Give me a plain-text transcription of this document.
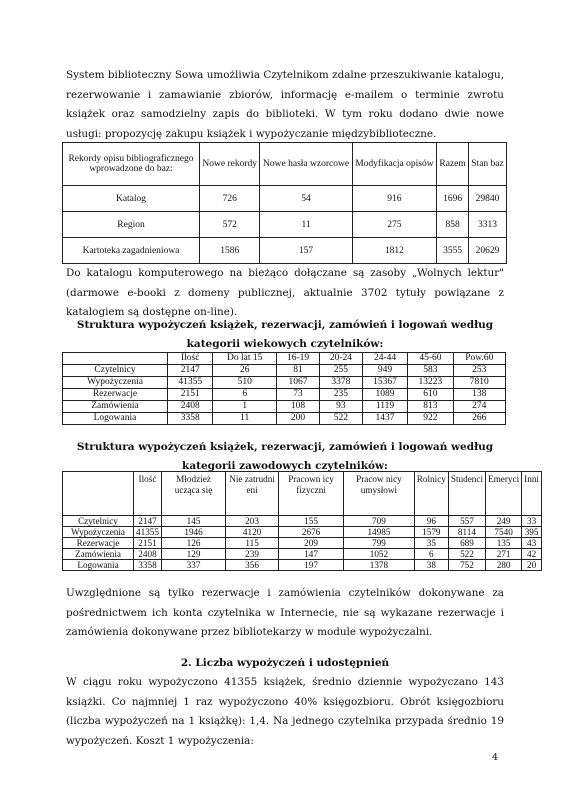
System biblioteczny Sowa umożliwia Czytelnikom zdalne przeszukiwanie katalogu, rezerwowanie i zamawianie zbiorów, informację e-mailem o terminie zwrotu książek oraz samodzielny zapis do biblioteki. W tym roku dodano dwie nowe usługi: propozycję zakupu książek i wypożyczanie międzybiblioteczne.

Rekordy opisu bibliograficznego wprowadzone do baz:	Nowe rekordy	Nowe hasła wzorcowe	Modyfikacja opisów	Razem	Stan baz
Katalog	726	54	916	1696	29840
Region	572	11	275	858	3313
Kartoteka zagadnieniowa	1586	157	1812	3555	20629

Do katalogu komputerowego na bieżąco dołączane są zasoby „Wolnych lektur" (darmowe e-booki z domeny publicznej, aktualnie 3702 tytuły powiązane z katalogiem są dostępne on-line).

Struktura wypożyczeń książek, rezerwacji, zamówień i logowań według kategorii wiekowych czytelników:
	Ilość	Do lat 15	16-19	20-24	24-44	45-60	Pow.60
Czytelnicy	2147	26	81	255	949	583	253
Wypożyczenia	41355	510	1067	3378	15367	13223	7810
Rezerwacje	2151	6	73	235	1089	610	138
Zamówienia	2408	1	108	93	1119	813	274
Logowania	3358	11	200	522	1437	922	266
Struktura wypożyczeń książek, rezerwacji, zamówień i logowań według kategorii zawodowych czytelników:
	Ilość	Młodzież ucząca się	Nie zatrudni eni	Pracown icy fizyczni	Pracow nicy umysłowi	Rolnicy	Studenci	Emeryci	Inni
Czytelnicy	2147	145	203	155	709	96	557	249	33
Wypożyczenia	41355	1946	4120	2676	14985	1579	8114	7540	395
Rezerwacje	2151	126	115	209	799	35	689	135	43
Zamówienia	2408	129	239	147	1052	6	522	271	42
Logowania	3358	337	356	197	1378	38	752	280	20

Uwzględnione są tylko rezerwacje i zamówienia czytelników dokonywane za pośrednictwem ich konta czytelnika w Internecie, nie są wykazane rezerwacje i zamówienia dokonywane przez bibliotekarzy w module wypożyczalni.

2. Liczba wypożyczeń i udostępnień

W ciągu roku wypożyczono 41355 książek, średnio dziennie wypożyczano 143 książki. Co najmniej 1 raz wypożyczono 40% księgozbioru. Obrót księgozbioru (liczba wypożyczeń na 1 książkę): 1,4. Na jednego czytelnika przypada średnio 19 wypożyczeń. Koszt 1 wypożyczenia:

4
